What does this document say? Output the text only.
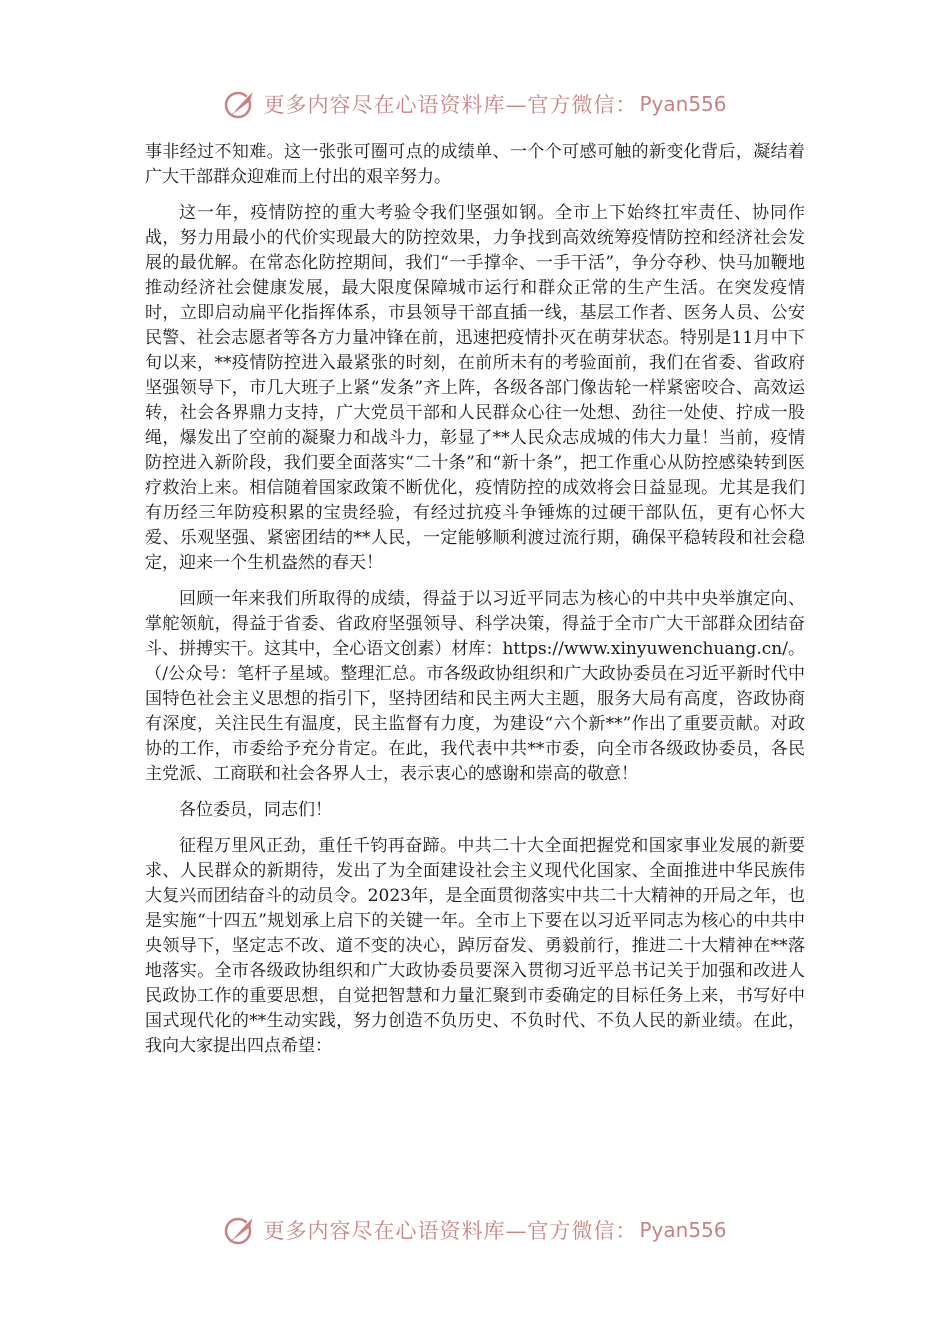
更多内容尽在心语资料库—官方微信： Pyan556

事非经过不知难。这一张张可圈可点的成绩单、一个个可感可触的新变化背后，凝结着广大干部群众迎难而上付出的艰辛努力。

这一年，疫情防控的重大考验令我们坚强如钢。全市上下始终扛牢责任、协同作战，努力用最小的代价实现最大的防控效果，力争找到高效统筹疫情防控和经济社会发展的最优解。在常态化防控期间，我们“一手撑伞、一手干活”，争分夺秒、快马加鞭地推动经济社会健康发展，最大限度保障城市运行和群众正常的生产生活。在突发疫情时，立即启动扁平化指挥体系，市县领导干部直插一线，基层工作者、医务人员、公安民警、社会志愿者等各方力量冲锋在前，迅速把疫情扑灭在萌芽状态。特别是11月中下旬以来，**疫情防控进入最紧张的时刻，在前所未有的考验面前，我们在省委、省政府坚强领导下，市几大班子上紧“发条”齐上阵，各级各部门像齿轮一样紧密咬合、高效运转，社会各界鼎力支持，广大党员干部和人民群众心往一处想、劲往一处使、拧成一股绳，爆发出了空前的凝聚力和战斗力，彰显了**人民众志成城的伟大力量！当前，疫情防控进入新阶段，我们要全面落实“二十条”和“新十条”，把工作重心从防控感染转到医疗救治上来。相信随着国家政策不断优化，疫情防控的成效将会日益显现。尤其是我们有历经三年防疫积累的宝贵经验，有经过抗疫斗争锤炼的过硬干部队伍，更有心怀大爱、乐观坚强、紧密团结的**人民，一定能够顺利渡过流行期，确保平稳转段和社会稳定，迎来一个生机盎然的春天！

回顾一年来我们所取得的成绩，得益于以习近平同志为核心的中共中央举旗定向、掌舵领航，得益于省委、省政府坚强领导、科学决策，得益于全市广大干部群众团结奋斗、拼搏实干。这其中，全心语文创素）材库：https://www.xinyuwenchuang.cn/。（/公众号：笔杆子星域。整理汇总。市各级政协组织和广大政协委员在习近平新时代中国特色社会主义思想的指引下，坚持团结和民主两大主题，服务大局有高度，咨政协商有深度，关注民生有温度，民主监督有力度，为建设“六个新**”作出了重要贡献。对政协的工作，市委给予充分肯定。在此，我代表中共**市委，向全市各级政协委员，各民主党派、工商联和社会各界人士，表示衷心的感谢和崇高的敬意！

各位委员，同志们！

征程万里风正劲，重任千钧再奋蹄。中共二十大全面把握党和国家事业发展的新要求、人民群众的新期待，发出了为全面建设社会主义现代化国家、全面推进中华民族伟大复兴而团结奋斗的动员令。2023年，是全面贯彻落实中共二十大精神的开局之年，也是实施“十四五”规划承上启下的关键一年。全市上下要在以习近平同志为核心的中共中央领导下，坚定志不改、道不变的决心，踔厉奋发、勇毅前行，推进二十大精神在**落地落实。全市各级政协组织和广大政协委员要深入贯彻习近平总书记关于加强和改进人民政协工作的重要思想，自觉把智慧和力量汇聚到市委确定的目标任务上来，书写好中国式现代化的**生动实践，努力创造不负历史、不负时代、不负人民的新业绩。在此，我向大家提出四点希望：

更多内容尽在心语资料库—官方微信： Pyan556
